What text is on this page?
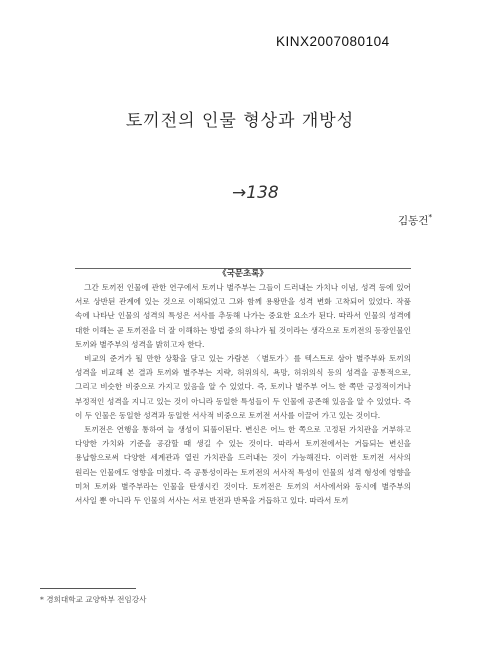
KINX2007080104
토끼전의 인물 형상과 개방성
→ 138
김동건*
《국문초록》

그간 토끼전 인물에 관한 연구에서 토끼나 별주부는 그들이 드러내는 가치나 이념, 성격 등에 있어 서로 상반된 관계에 있는 것으로 이해되었고 그와 함께 용왕만을 성격 변화 고착되어 있었다. 작품 속에 나타난 인물의 성격의 특성은 서사를 추동해 나가는 중요한 요소가 된다. 따라서 인물의 성격에 대한 이해는 곧 토끼전을 더 잘 이해하는 방법 중의 하나가 될 것이라는 생각으로 토끼전의 등장인물인 토끼와 별주부의 성격을 밝히고자 한다.

비교의 준거가 될 만한 상황을 담고 있는 가람본 〈별토가〉를 텍스트로 삼아 별주부와 토끼의 성격을 비교해 본 결과 토끼와 별주부는 지략, 허위의식, 욕망, 허위의식 등의 성격을 공통적으로, 그리고 비슷한 비중으로 가지고 있음을 알 수 있었다. 즉, 토끼나 별주부 어느 한 쪽만 긍정적이거나 부정적인 성격을 지니고 있는 것이 아니라 동일한 특성들이 두 인물에 공존해 있음을 알 수 있었다. 즉 이 두 인물은 동일한 성격과 동일한 서사적 비중으로 토끼전 서사를 이끌어 가고 있는 것이다.

토끼전은 연행을 통하여 늘 생성이 되풀이된다. 변신은 어느 한 쪽으로 고정된 가치관을 거부하고 다양한 가치와 기준을 공감할 때 생길 수 있는 것이다. 따라서 토끼전에서는 거듭되는 변신을 용납함으로써 다양한 세계관과 열린 가치관을 드러내는 것이 가능해진다. 이러한 토끼전 서사의 원리는 인물에도 영향을 미쳤다. 즉 공통성이라는 토끼전의 서사적 특성이 인물의 성격 형성에 영향을 미쳐 토끼와 별주부라는 인물을 탄생시킨 것이다. 토끼전은 토끼의 서사에서와 동시에 별주부의 서사일 뿐 아니라 두 인물의 서사는 서로 반전과 반복을 거듭하고 있다. 따라서 토끼

* 경희대학교 교양학부 전임강사
